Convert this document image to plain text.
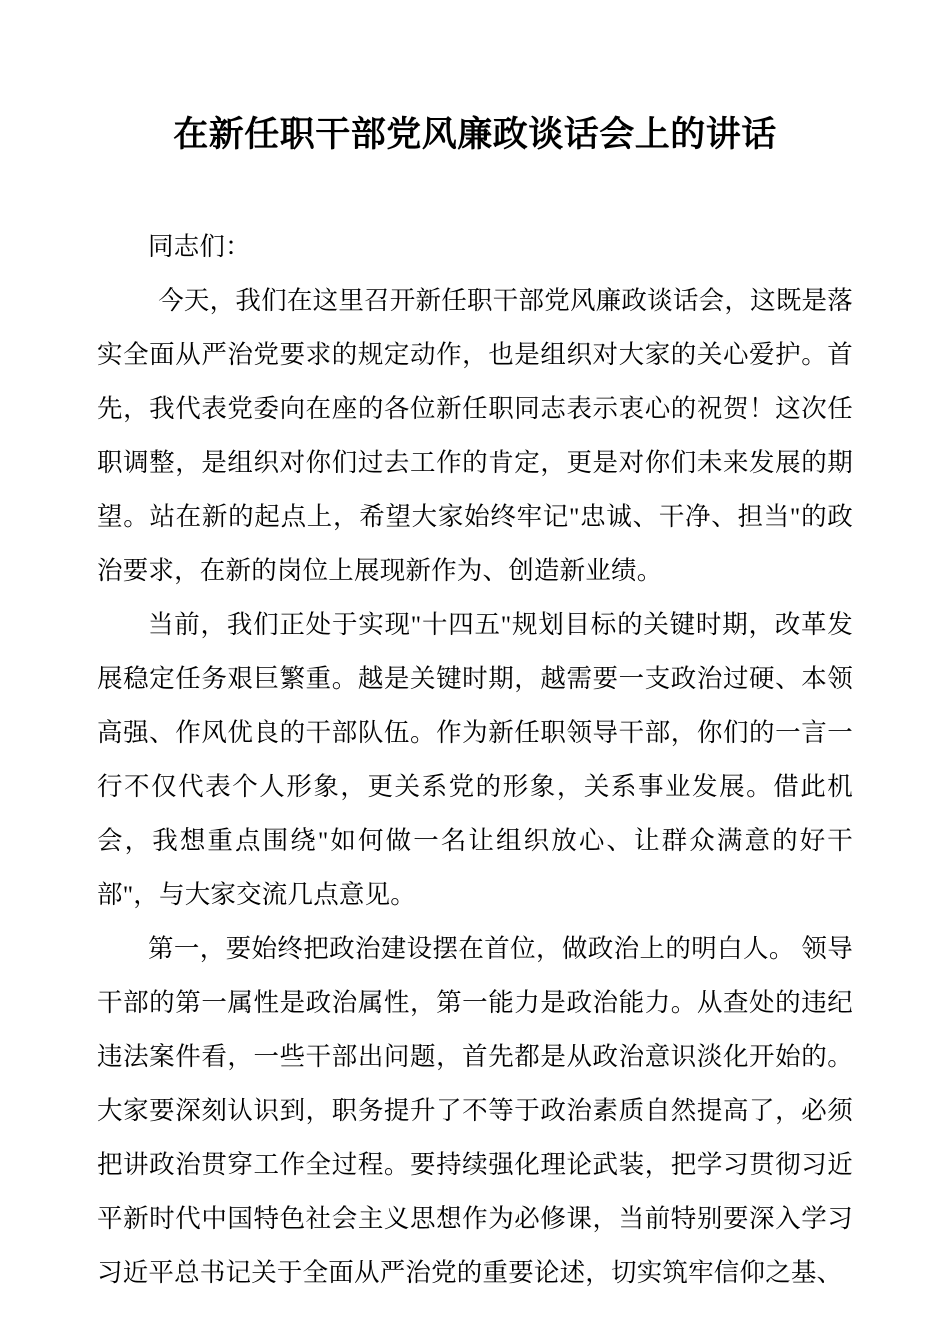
在新任职干部党风廉政谈话会上的讲话

同志们：

今天，我们在这里召开新任职干部党风廉政谈话会，这既是落实全面从严治党要求的规定动作，也是组织对大家的关心爱护。首先，我代表党委向在座的各位新任职同志表示衷心的祝贺！这次任职调整，是组织对你们过去工作的肯定，更是对你们未来发展的期望。站在新的起点上，希望大家始终牢记"忠诚、干净、担当"的政治要求，在新的岗位上展现新作为、创造新业绩。

当前，我们正处于实现"十四五"规划目标的关键时期，改革发展稳定任务艰巨繁重。越是关键时期，越需要一支政治过硬、本领高强、作风优良的干部队伍。作为新任职领导干部，你们的一言一行不仅代表个人形象，更关系党的形象，关系事业发展。借此机会，我想重点围绕"如何做一名让组织放心、让群众满意的好干部"，与大家交流几点意见。

第一，要始终把政治建设摆在首位，做政治上的明白人。 领导干部的第一属性是政治属性，第一能力是政治能力。从查处的违纪违法案件看，一些干部出问题，首先都是从政治意识淡化开始的。大家要深刻认识到，职务提升了不等于政治素质自然提高了，必须把讲政治贯穿工作全过程。要持续强化理论武装，把学习贯彻习近平新时代中国特色社会主义思想作为必修课，当前特别要深入学习习近平总书记关于全面从严治党的重要论述，切实筑牢信仰之基、
